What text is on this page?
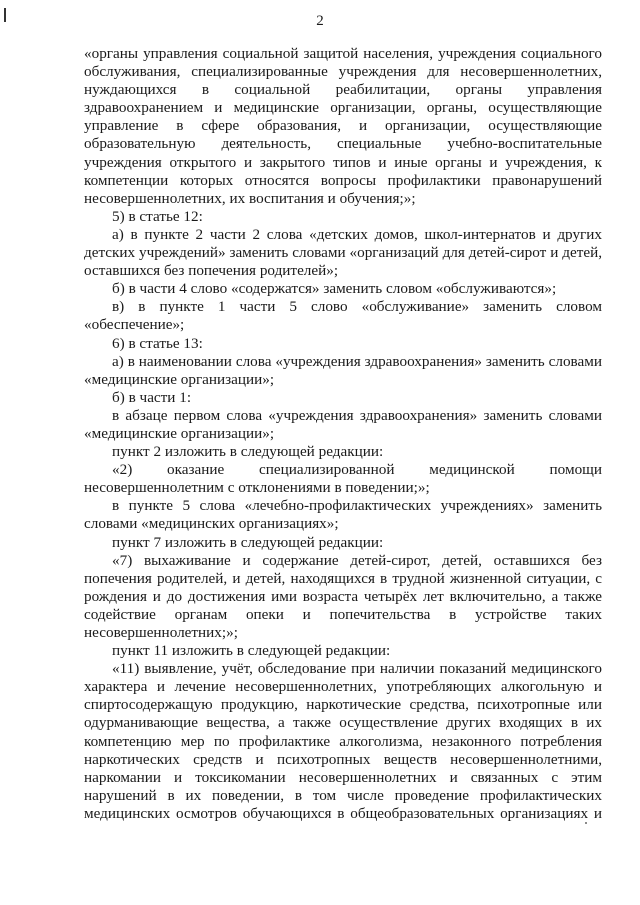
2

«органы управления социальной защитой населения, учреждения социального обслуживания, специализированные учреждения для несовершеннолетних, нуждающихся в социальной реабилитации, органы управления здравоохранением и медицинские организации, органы, осуществляющие управление в сфере образования, и организации, осуществляющие образовательную деятельность, специальные учебно-воспитательные учреждения открытого и закрытого типов и иные органы и учреждения, к компетенции которых относятся вопросы профилактики правонарушений несовершеннолетних, их воспитания и обучения;»;

5) в статье 12:

а) в пункте 2 части 2 слова «детских домов, школ-интернатов и других детских учреждений» заменить словами «организаций для детей-сирот и детей, оставшихся без попечения родителей»;

б) в части 4 слово «содержатся» заменить словом «обслуживаются»;

в) в пункте 1 части 5 слово «обслуживание» заменить словом «обеспечение»;

6) в статье 13:

а) в наименовании слова «учреждения здравоохранения» заменить словами «медицинские организации»;

б) в части 1:

в абзаце первом слова «учреждения здравоохранения» заменить словами «медицинские организации»;

пункт 2 изложить в следующей редакции:

«2) оказание специализированной медицинской помощи несовершеннолетним с отклонениями в поведении;»;

в пункте 5 слова «лечебно-профилактических учреждениях» заменить словами «медицинских организациях»;

пункт 7 изложить в следующей редакции:

«7) выхаживание и содержание детей-сирот, детей, оставшихся без попечения родителей, и детей, находящихся в трудной жизненной ситуации, с рождения и до достижения ими возраста четырёх лет включительно, а также содействие органам опеки и попечительства в устройстве таких несовершеннолетних;»;

пункт 11 изложить в следующей редакции:

«11) выявление, учёт, обследование при наличии показаний медицинского характера и лечение несовершеннолетних, употребляющих алкогольную и спиртосодержащую продукцию, наркотические средства, психотропные или одурманивающие вещества, а также осуществление других входящих в их компетенцию мер по профилактике алкоголизма, незаконного потребления наркотических средств и психотропных веществ несовершеннолетними, наркомании и токсикомании несовершеннолетних и связанных с этим нарушений в их поведении, в том числе проведение профилактических медицинских осмотров обучающихся в общеобразовательных организациях и
